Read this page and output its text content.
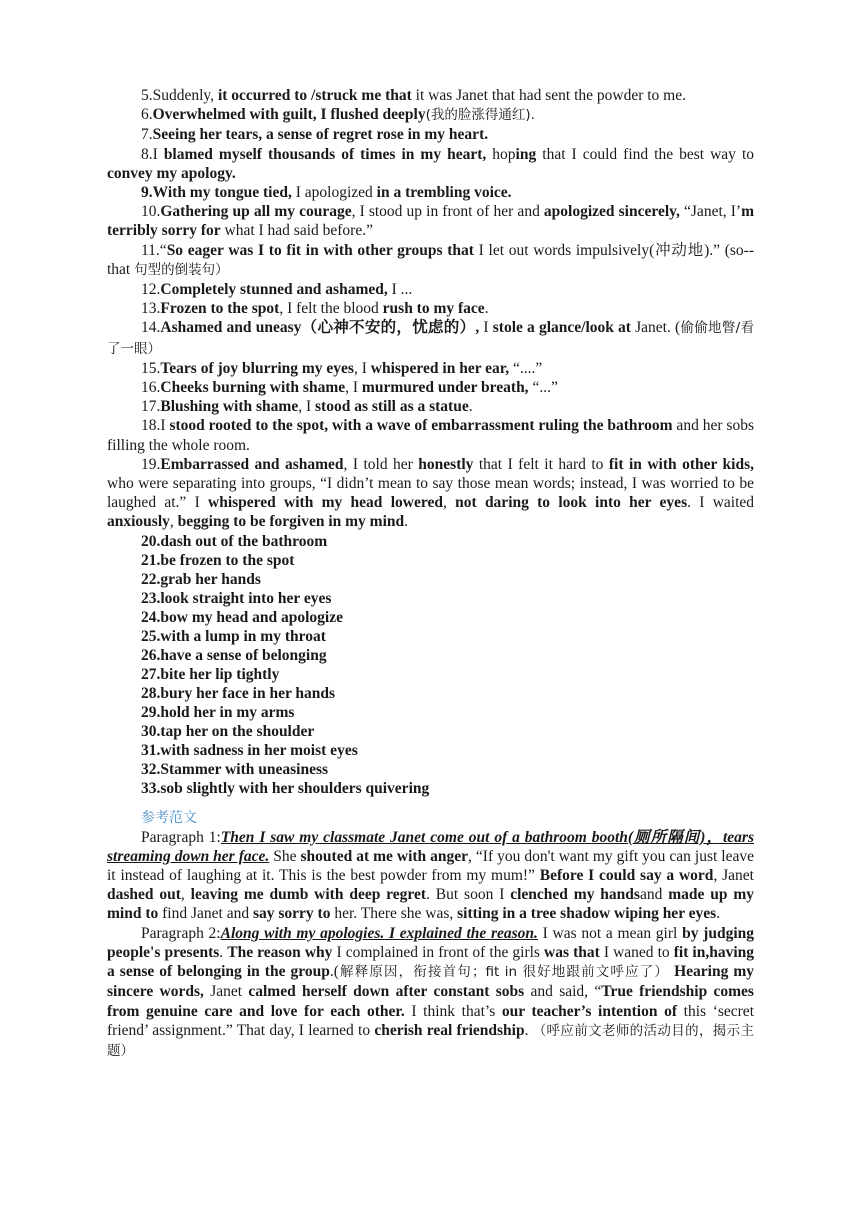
5.Suddenly, it occurred to /struck me that it was Janet that had sent the powder to me.

6.Overwhelmed with guilt, I flushed deeply(我的脸涨得通红).

7.Seeing her tears, a sense of regret rose in my heart.

8.I blamed myself thousands of times in my heart, hoping that I could find the best way to convey my apology.

9.With my tongue tied, I apologized in a trembling voice.

10.Gathering up all my courage, I stood up in front of her and apologized sincerely, “Janet, I’m terribly sorry for what I had said before.”

11.“So eager was I to fit in with other groups that I let out words impulsively(冲动地).” (so--that 句型的倒装句）

12.Completely stunned and ashamed, I ...

13.Frozen to the spot, I felt the blood rush to my face.

14.Ashamed and uneasy（心神不安的，忧虑的）, I stole a glance/look at Janet. (偷偷地瞥/看了一眼）

15.Tears of joy blurring my eyes, I whispered in her ear, “....”

16.Cheeks burning with shame, I murmured under breath, “...”

17.Blushing with shame, I stood as still as a statue.

18.I stood rooted to the spot, with a wave of embarrassment ruling the bathroom and her sobs filling the whole room.

19.Embarrassed and ashamed, I told her honestly that I felt it hard to fit in with other kids, who were separating into groups, “I didn’t mean to say those mean words; instead, I was worried to be laughed at.” I whispered with my head lowered, not daring to look into her eyes. I waited anxiously, begging to be forgiven in my mind.

20.dash out of the bathroom
21.be frozen to the spot
22.grab her hands
23.look straight into her eyes
24.bow my head and apologize
25.with a lump in my throat
26.have a sense of belonging
27.bite her lip tightly
28.bury her face in her hands
29.hold her in my arms
30.tap her on the shoulder
31.with sadness in her moist eyes
32.Stammer with uneasiness
33.sob slightly with her shoulders quivering
参考范文

Paragraph 1:Then I saw my classmate Janet come out of a bathroom booth(厕所隔间)，tears streaming down her face. She shouted at me with anger, “If you don't want my gift you can just leave it instead of laughing at it. This is the best powder from my mum!” Before I could say a word, Janet dashed out, leaving me dumb with deep regret. But soon I clenched my handsand made up my mind to find Janet and say sorry to her. There she was, sitting in a tree shadow wiping her eyes.

Paragraph 2:Along with my apologies. I explained the reason. I was not a mean girl by judging people's presents. The reason why I complained in front of the girls was that I waned to fit in,having a sense of belonging in the group.(解释原因，衔接首句；fit in 很好地跟前文呼应了） Hearing my sincere words, Janet calmed herself down after constant sobs and said, “True friendship comes from genuine care and love for each other. I think that’s our teacher’s intention of this ‘secret friend’ assignment.” That day, I learned to cherish real friendship. （呼应前文老师的活动目的，揭示主题）
